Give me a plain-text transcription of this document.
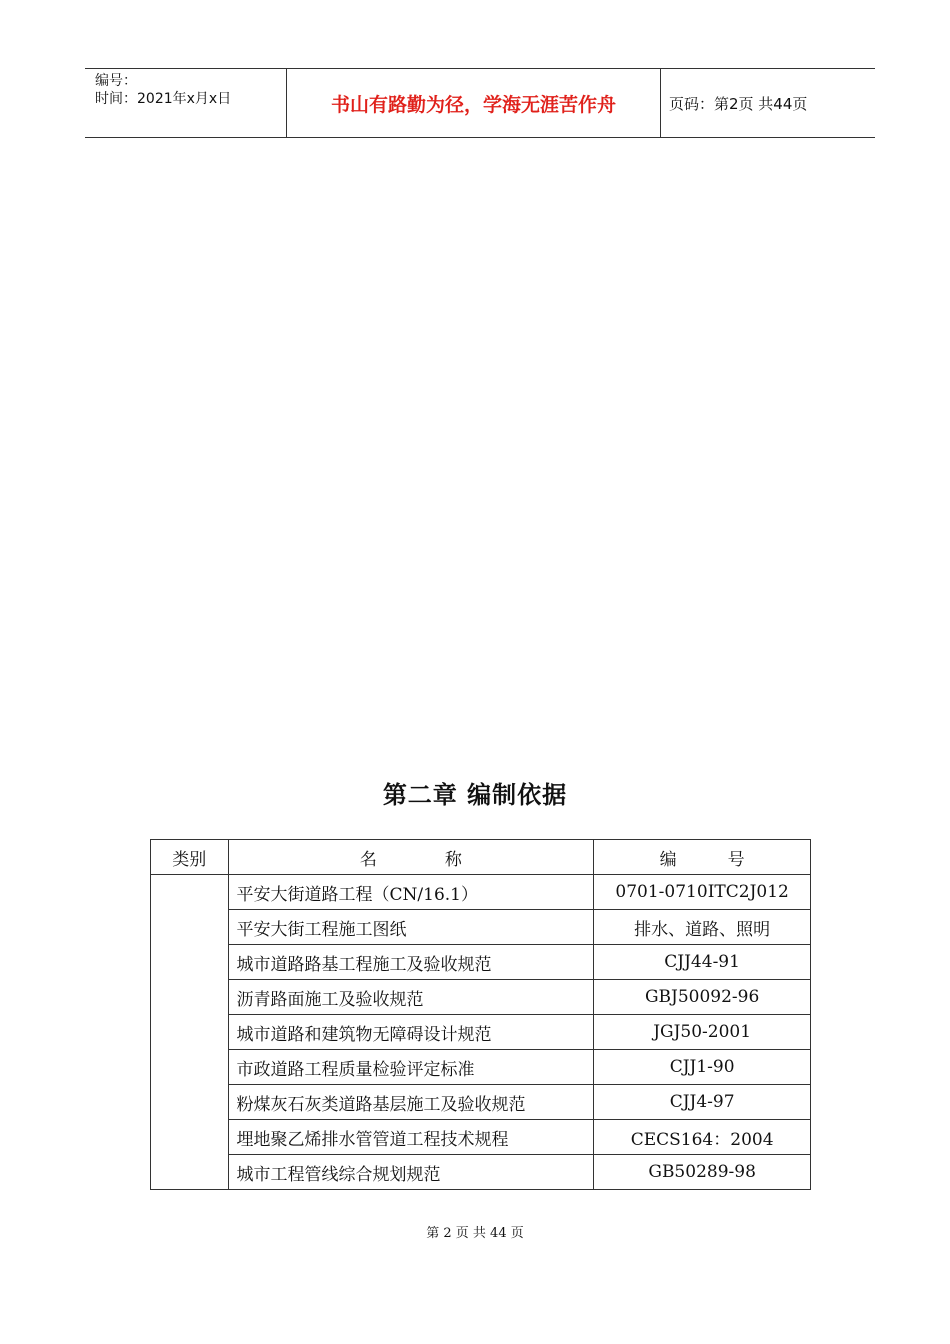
编号：
时间：2021年x月x日	书山有路勤为径，学海无涯苦作舟	页码：第2页 共44页
第二章 编制依据
类别	名　　　　称	编　　　号
	平安大街道路工程（CN/16.1）	0701-0710ITC2J012
	平安大街工程施工图纸	排水、道路、照明
	城市道路路基工程施工及验收规范	CJJ44-91
	沥青路面施工及验收规范	GBJ50092-96
	城市道路和建筑物无障碍设计规范	JGJ50-2001
	市政道路工程质量检验评定标准	CJJ1-90
	粉煤灰石灰类道路基层施工及验收规范	CJJ4-97
	埋地聚乙烯排水管管道工程技术规程	CECS164：2004
	城市工程管线综合规划规范	GB50289-98
第 2 页 共 44 页
